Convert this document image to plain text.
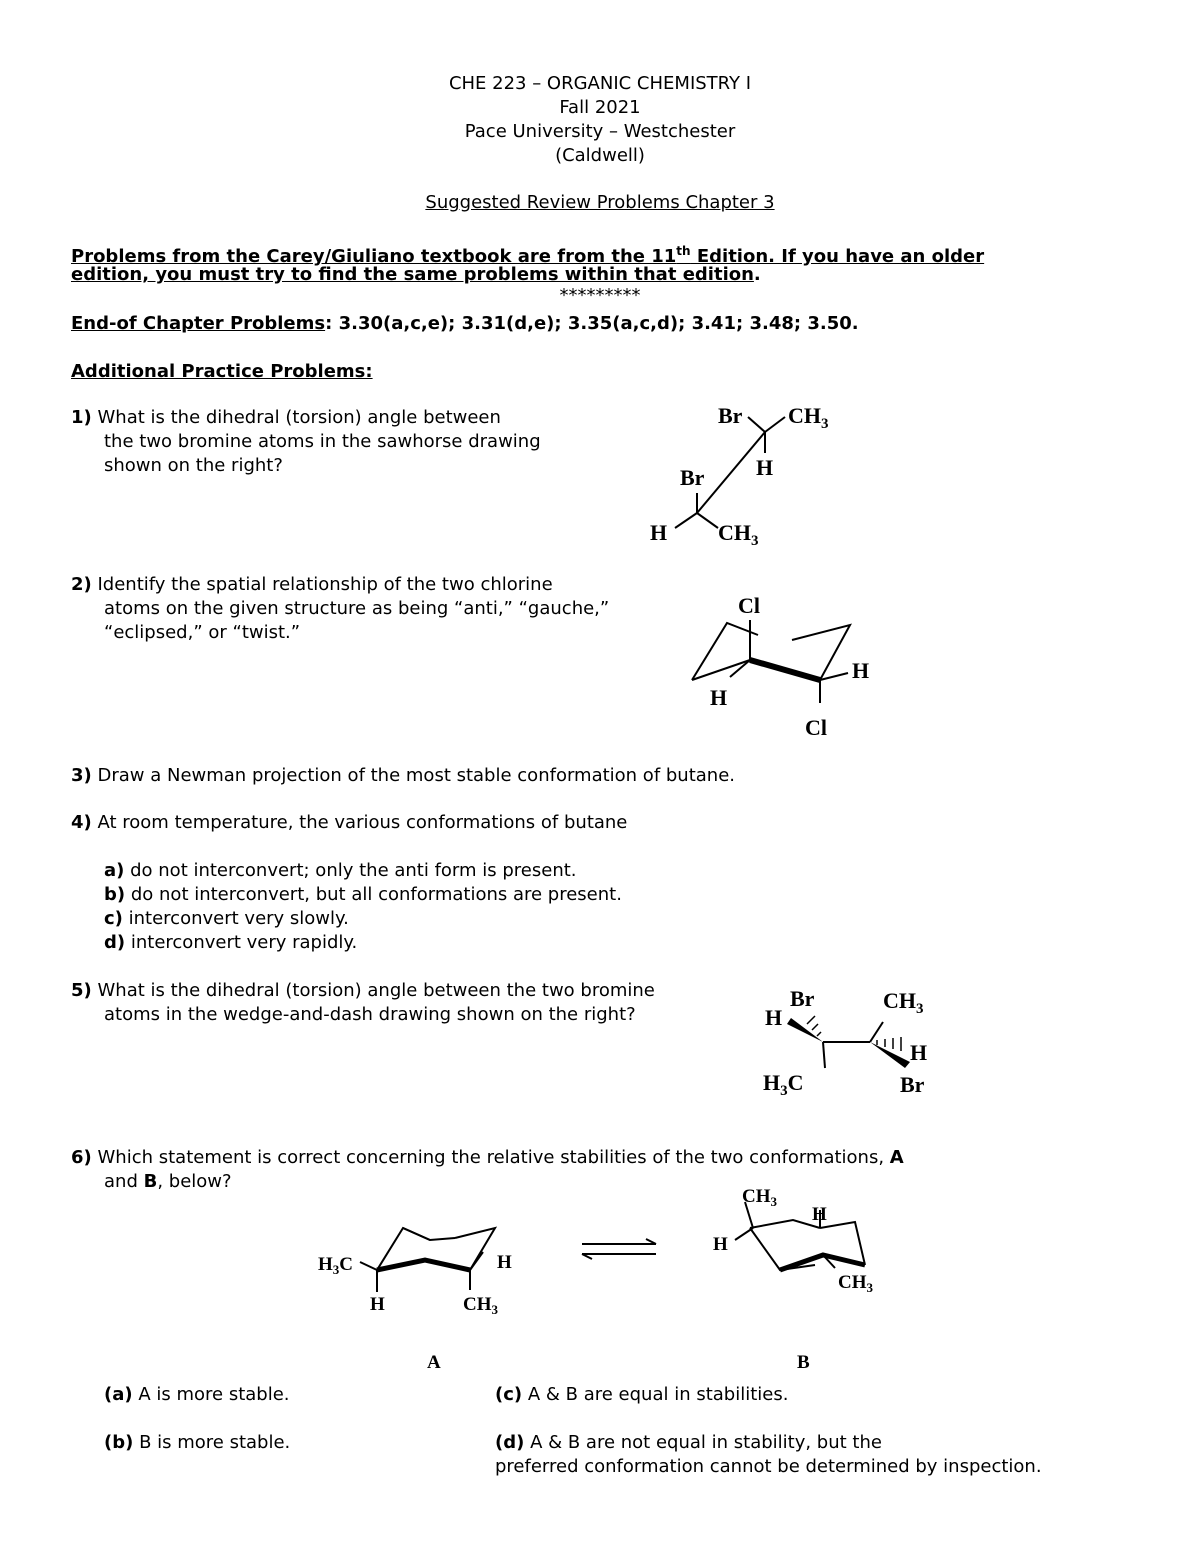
CHE 223 – ORGANIC CHEMISTRY I
Fall 2021
Pace University – Westchester
(Caldwell)
Suggested Review Problems Chapter 3
Problems from the Carey/Giuliano textbook are from the 11th Edition. If you have an older
edition, you must try to find the same problems within that edition.
*********
End-of Chapter Problems: 3.30(a,c,e); 3.31(d,e); 3.35(a,c,d); 3.41; 3.48; 3.50.
Additional Practice Problems:
1) What is the dihedral (torsion) angle between
the two bromine atoms in the sawhorse drawing
shown on the right?
Br $CH_3$
H
Br
H $CH_3$
2) Identify the spatial relationship of the two chlorine
atoms on the given structure as being “anti,” “gauche,”
“eclipsed,” or “twist.”
Cl
H
H
Cl
3) Draw a Newman projection of the most stable conformation of butane.
4) At room temperature, the various conformations of butane
a) do not interconvert; only the anti form is present.
b) do not interconvert, but all conformations are present.
c) interconvert very slowly.
d) interconvert very rapidly.
5) What is the dihedral (torsion) angle between the two bromine
atoms in the wedge-and-dash drawing shown on the right?
Br
H
$CH_3$
H
$H_3C$	Br
6) Which statement is correct concerning the relative stabilities of the two conformations, A
and B, below?
$H_3C$	H
H	$CH_3$
A
$CH_3$
H
H
$CH_3$
B
(a) A is more stable.
(b) B is more stable.
(c) A & B are equal in stabilities.
(d) A & B are not equal in stability, but the
preferred conformation cannot be determined by inspection.
